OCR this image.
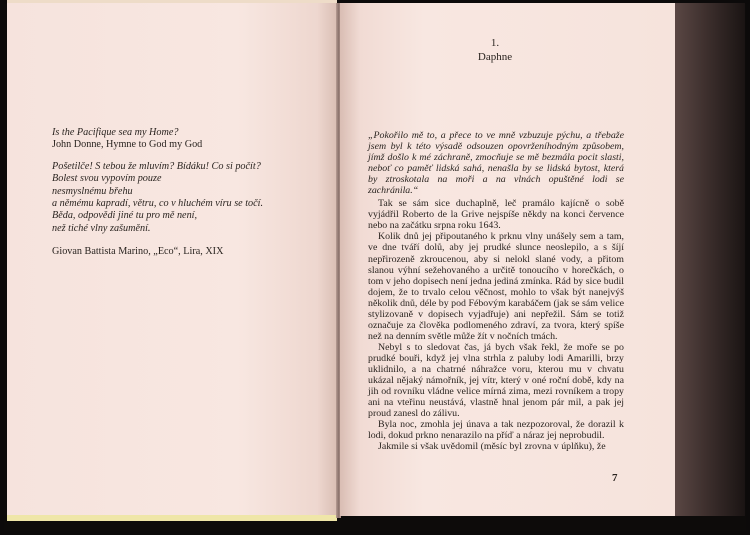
Is the Pacifique sea my Home?

John Donne, Hymne to God my God

Pošetilče! S tebou že mluvím? Bídáku! Co si počít?

Bolest svou vypovím pouze

nesmyslnému břehu

a němému kapradí, větru, co v hluchém víru se točí.

Běda, odpovědi jiné tu pro mě není,

než tiché vlny zašumění.

Giovan Battista Marino, „Eco“, Lira, XIX
1.
Daphne

„Pokořilo mě to, a přece to ve mně vzbuzuje pýchu, a třebaže jsem byl k této výsadě odsouzen opovrženíhodným způsobem, jímž došlo k mé záchraně, zmocňuje se mě bezmála pocit slasti, neboť co paměť lidská sahá, nenašla by se lidská bytost, která by ztroskotala na moři a na vlnách opuštěné lodi se zachránila.“

Tak se sám sice duchaplně, leč pramálo kajícně o sobě vyjádřil Roberto de la Grive nejspíše někdy na konci července nebo na začátku srpna roku 1643.

Kolik dnů jej připoutaného k prknu vlny unášely sem a tam, ve dne tváří dolů, aby jej prudké slunce neoslepilo, a s šíjí nepřirozeně zkroucenou, aby si nelokl slané vody, a přitom slanou výhní sežehovaného a určitě tonoucího v horečkách, o tom v jeho dopisech není jedna jediná zmínka. Rád by sice budil dojem, že to trvalo celou věčnost, mohlo to však být nanejvýš několik dnů, déle by pod Fébovým karabáčem (jak se sám velice stylizovaně v dopisech vyjadřuje) ani nepřežil. Sám se totiž označuje za člověka podlomeného zdraví, za tvora, který spíše než na denním světle může žít v nočních tmách.

Nebyl s to sledovat čas, já bych však řekl, že moře se po prudké bouři, když jej vlna strhla z paluby lodi Amarilli, brzy uklidnilo, a na chatrné náhražce voru, kterou mu v chvatu ukázal nějaký námořník, jej vítr, který v oné roční době, kdy na jih od rovníku vládne velice mírná zima, mezi rovníkem a tropy ani na vteřinu neustává, vlastně hnal jenom pár mil, a pak jej proud zanesl do zálivu.

Byla noc, zmohla jej únava a tak nezpozoroval, že dorazil k lodi, dokud prkno nenarazilo na příď a náraz jej neprobudil.

Jakmile si však uvědomil (měsíc byl zrovna v úplňku), že

7
